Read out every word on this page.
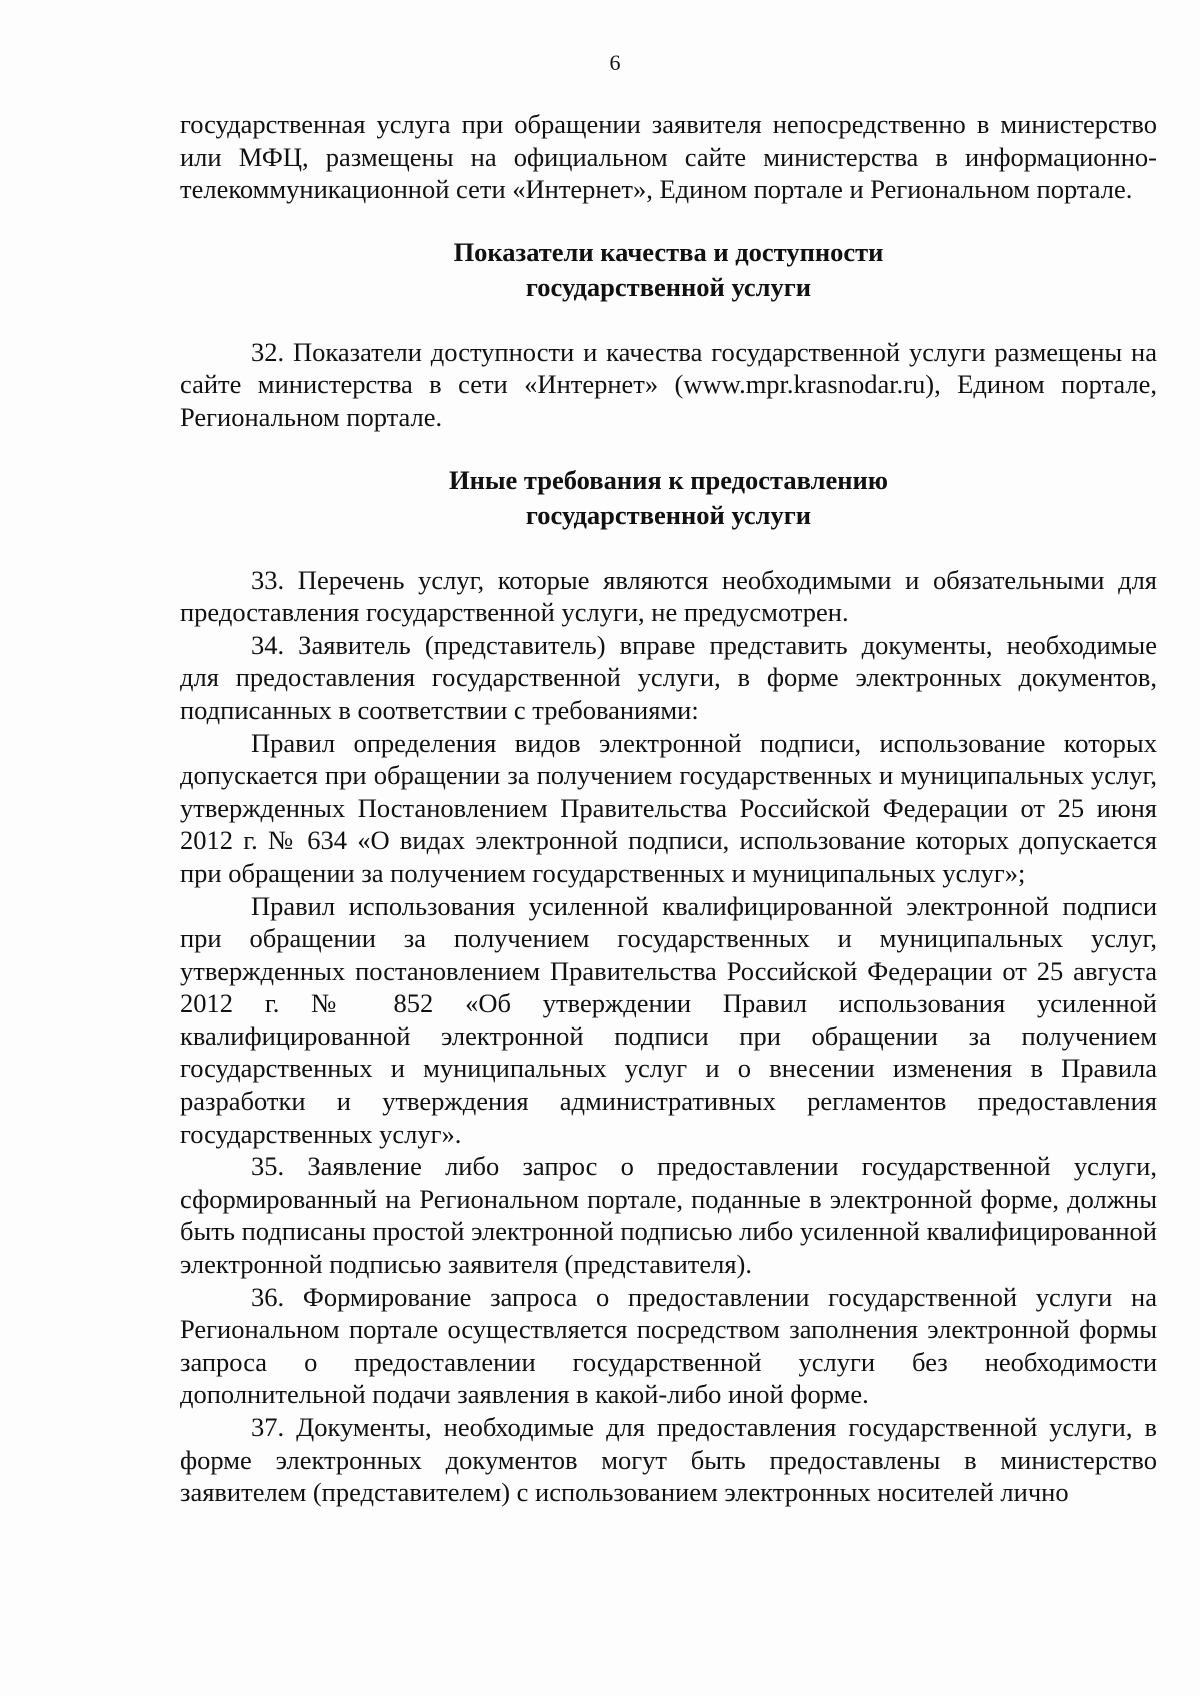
6

государственная услуга при обращении заявителя непосредственно в министерство или МФЦ, размещены на официальном сайте министерства в информационно-телекоммуникационной сети «Интернет», Едином портале и Региональном портале.

Показатели качества и доступности

государственной услуги

32. Показатели доступности и качества государственной услуги размещены на сайте министерства в сети «Интернет» (www.mpr.krasnodar.ru), Едином портале, Региональном портале.

Иные требования к предоставлению

государственной услуги

33. Перечень услуг, которые являются необходимыми и обязательными для предоставления государственной услуги, не предусмотрен.

34. Заявитель (представитель) вправе представить документы, необходимые для предоставления государственной услуги, в форме электронных документов, подписанных в соответствии с требованиями:

Правил определения видов электронной подписи, использование которых допускается при обращении за получением государственных и муниципальных услуг, утвержденных Постановлением Правительства Российской Федерации от 25 июня 2012 г. № 634 «О видах электронной подписи, использование которых допускается при обращении за получением государственных и муниципальных услуг»;

Правил использования усиленной квалифицированной электронной подписи при обращении за получением государственных и муниципальных услуг, утвержденных постановлением Правительства Российской Федерации от 25 августа 2012 г. № 852 «Об утверждении Правил использования усиленной квалифицированной электронной подписи при обращении за получением государственных и муниципальных услуг и о внесении изменения в Правила разработки и утверждения административных регламентов предоставления государственных услуг».

35. Заявление либо запрос о предоставлении государственной услуги, сформированный на Региональном портале, поданные в электронной форме, должны быть подписаны простой электронной подписью либо усиленной квалифицированной электронной подписью заявителя (представителя).

36. Формирование запроса о предоставлении государственной услуги на Региональном портале осуществляется посредством заполнения электронной формы запроса о предоставлении государственной услуги без необходимости дополнительной подачи заявления в какой-либо иной форме.

37. Документы, необходимые для предоставления государственной услуги, в форме электронных документов могут быть предоставлены в министерство заявителем (представителем) с использованием электронных носителей лично
